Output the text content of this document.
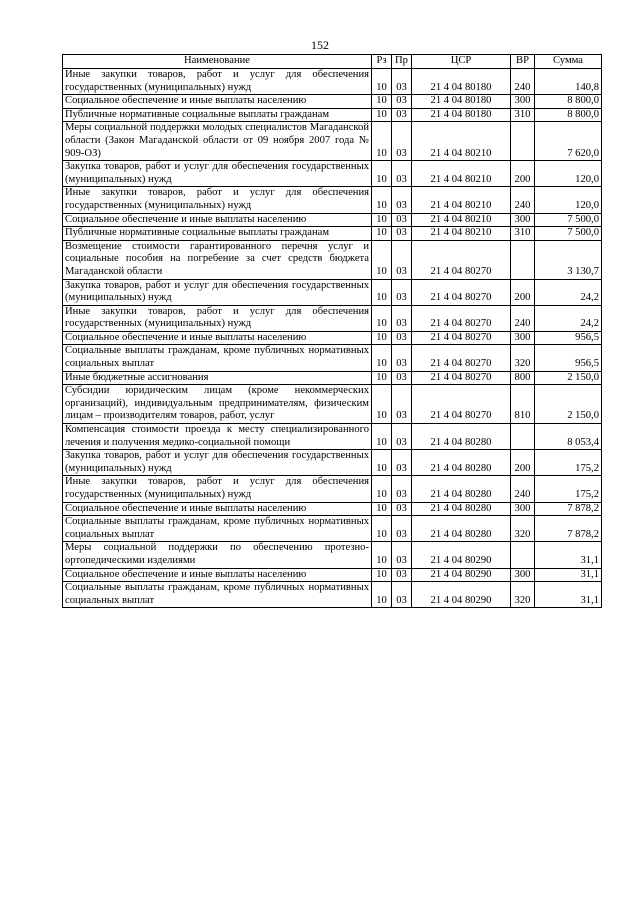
152
Наименование	Рз	Пр	ЦСР	ВР	Сумма
Иные закупки товаров, работ и услуг для обеспечения государственных (муниципальных) нужд	10	03	21 4 04 80180	240	140,8
Социальное обеспечение и иные выплаты населению	10	03	21 4 04 80180	300	8 800,0
Публичные нормативные социальные выплаты гражданам	10	03	21 4 04 80180	310	8 800,0
Меры социальной поддержки молодых специалистов Магаданской области (Закон Магаданской области от 09 ноября 2007 года № 909-ОЗ)	10	03	21 4 04 80210		7 620,0
Закупка товаров, работ и услуг для обеспечения государственных (муниципальных) нужд	10	03	21 4 04 80210	200	120,0
Иные закупки товаров, работ и услуг для обеспечения государственных (муниципальных) нужд	10	03	21 4 04 80210	240	120,0
Социальное обеспечение и иные выплаты населению	10	03	21 4 04 80210	300	7 500,0
Публичные нормативные социальные выплаты гражданам	10	03	21 4 04 80210	310	7 500,0
Возмещение стоимости гарантированного перечня услуг и социальные пособия на погребение за счет средств бюджета Магаданской области	10	03	21 4 04 80270		3 130,7
Закупка товаров, работ и услуг для обеспечения государственных (муниципальных) нужд	10	03	21 4 04 80270	200	24,2
Иные закупки товаров, работ и услуг для обеспечения государственных (муниципальных) нужд	10	03	21 4 04 80270	240	24,2
Социальное обеспечение и иные выплаты населению	10	03	21 4 04 80270	300	956,5
Социальные выплаты гражданам, кроме публичных нормативных социальных выплат	10	03	21 4 04 80270	320	956,5
Иные бюджетные ассигнования	10	03	21 4 04 80270	800	2 150,0
Субсидии юридическим лицам (кроме некоммерческих организаций), индивидуальным предпринимателям, физическим лицам – производителям товаров, работ, услуг	10	03	21 4 04 80270	810	2 150,0
Компенсация стоимости проезда к месту специализированного лечения и получения медико-социальной помощи	10	03	21 4 04 80280		8 053,4
Закупка товаров, работ и услуг для обеспечения государственных (муниципальных) нужд	10	03	21 4 04 80280	200	175,2
Иные закупки товаров, работ и услуг для обеспечения государственных (муниципальных) нужд	10	03	21 4 04 80280	240	175,2
Социальное обеспечение и иные выплаты населению	10	03	21 4 04 80280	300	7 878,2
Социальные выплаты гражданам, кроме публичных нормативных социальных выплат	10	03	21 4 04 80280	320	7 878,2
Меры социальной поддержки по обеспечению протезно-ортопедическими изделиями	10	03	21 4 04 80290		31,1
Социальное обеспечение и иные выплаты населению	10	03	21 4 04 80290	300	31,1
Социальные выплаты гражданам, кроме публичных нормативных социальных выплат	10	03	21 4 04 80290	320	31,1
